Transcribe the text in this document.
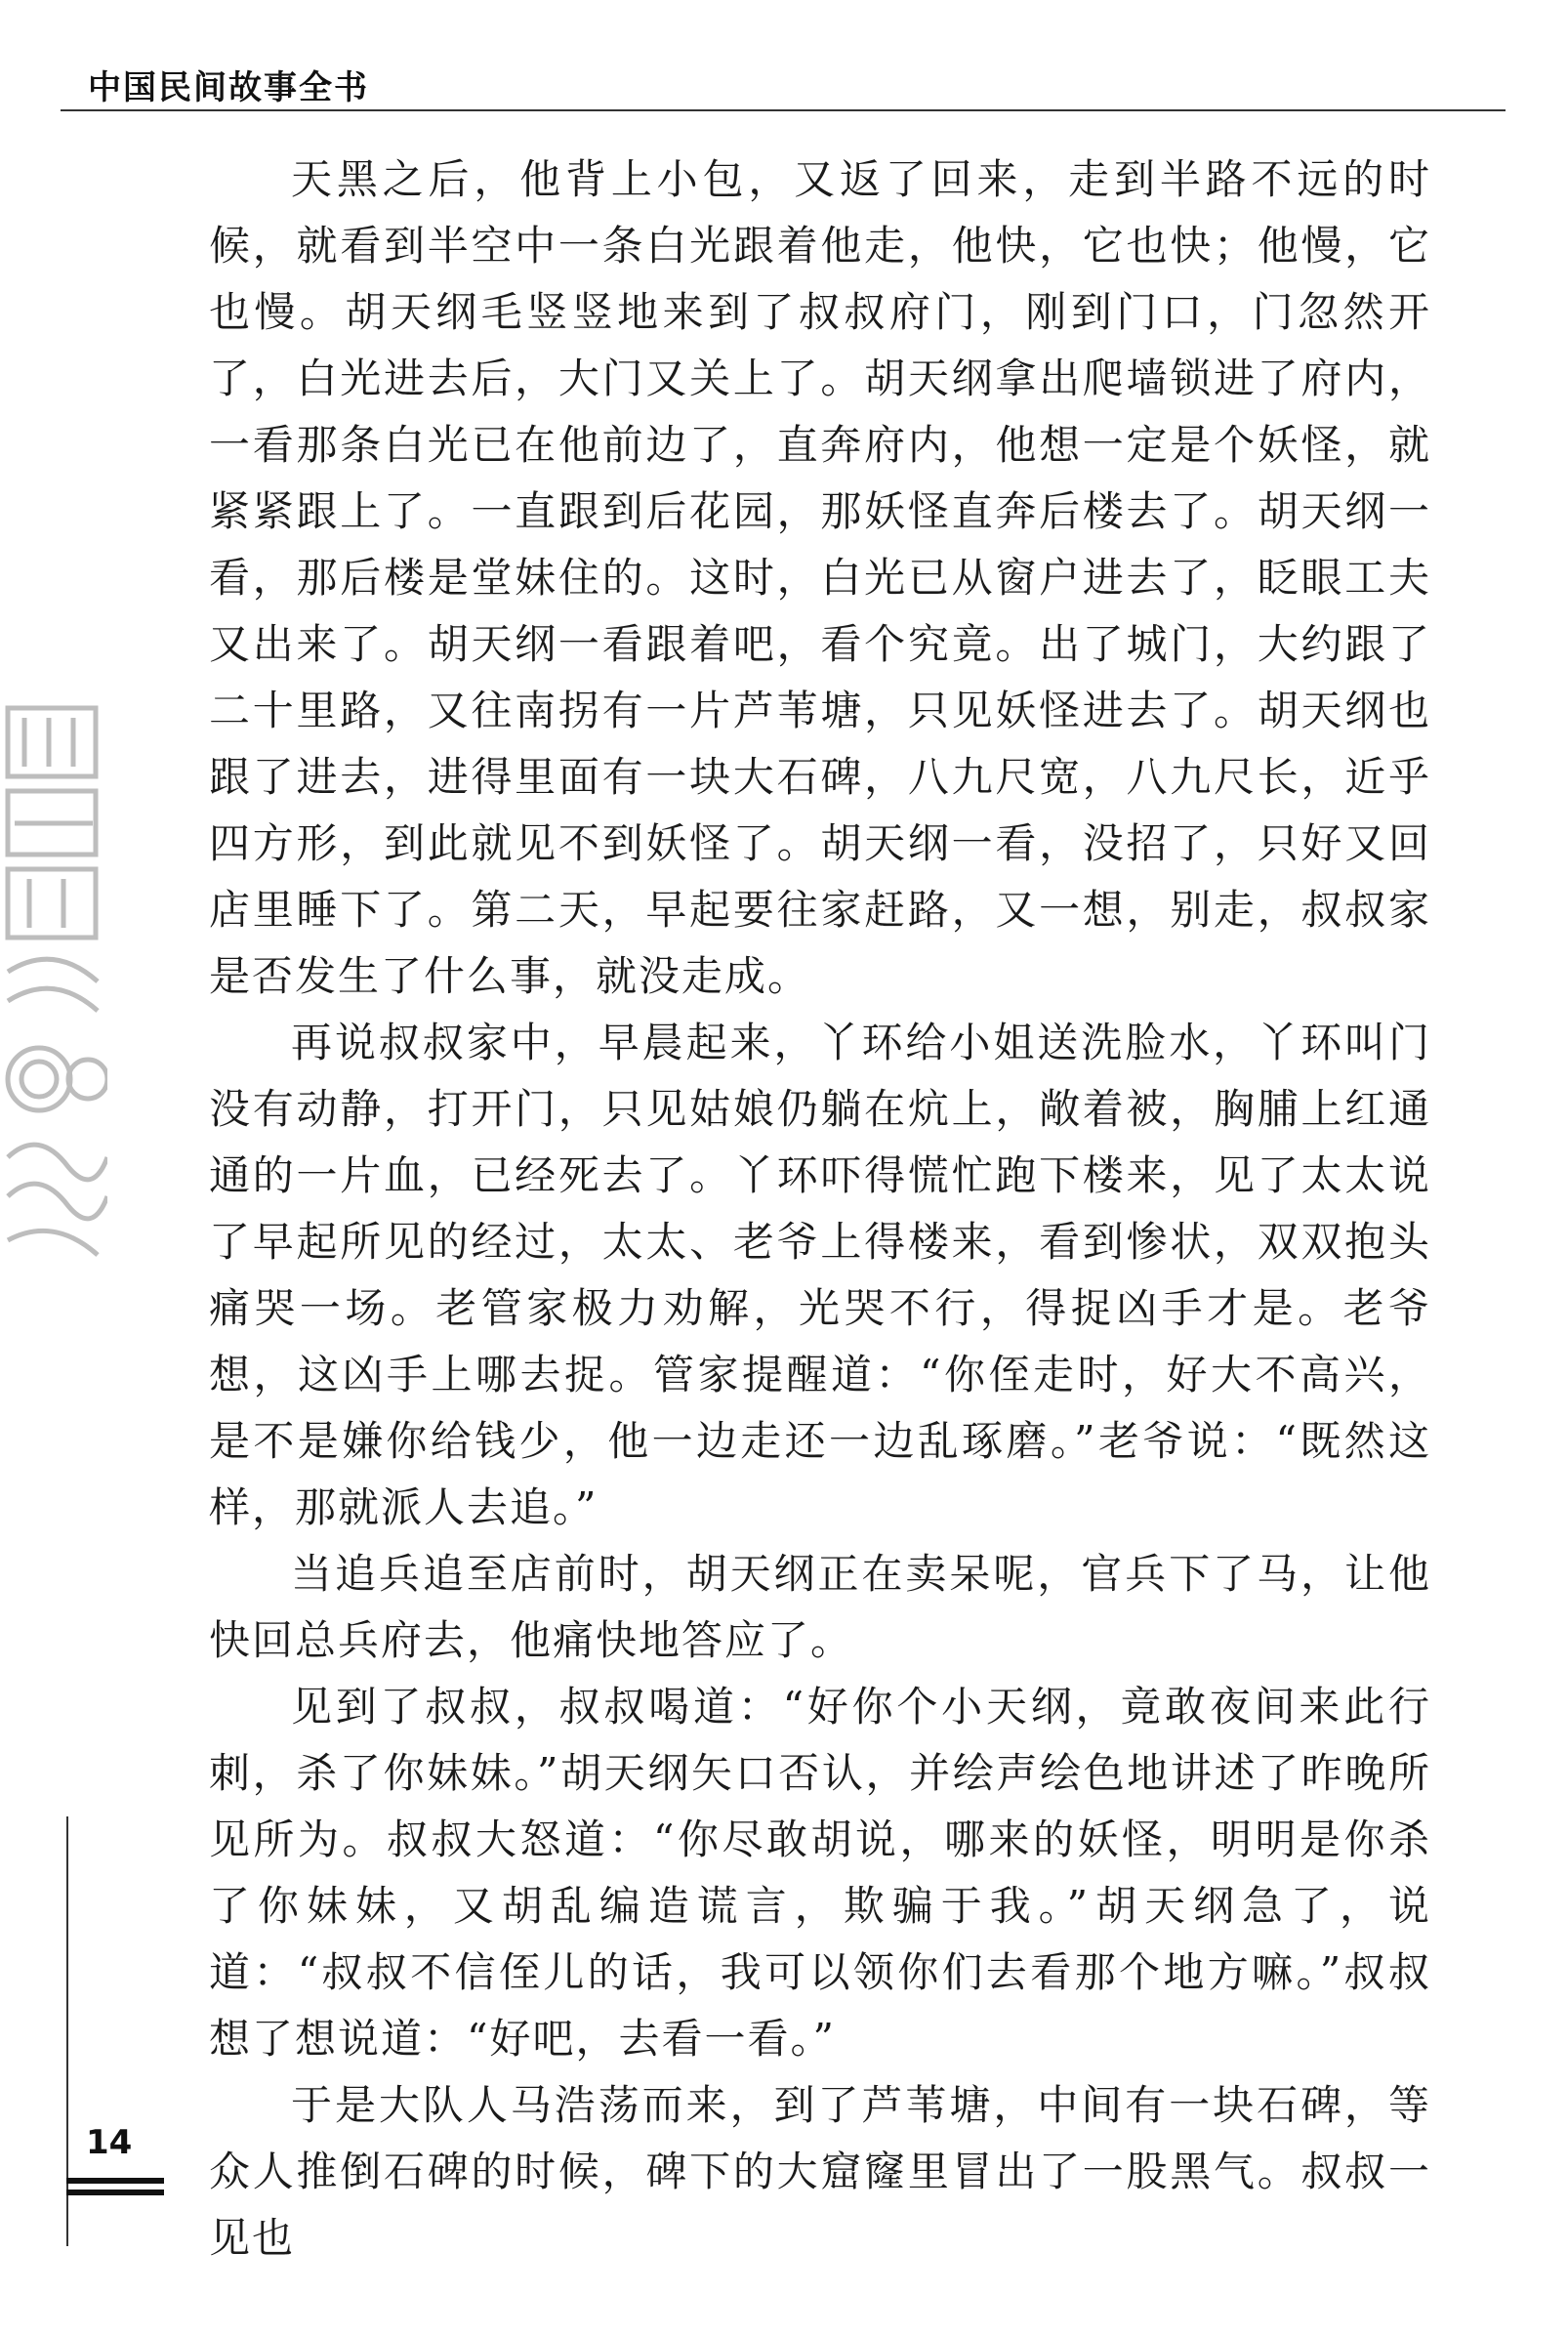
中国民间故事全书

天黑之后，他背上小包，又返了回来，走到半路不远的时候，就看到半空中一条白光跟着他走，他快，它也快；他慢，它也慢。胡天纲毛竖竖地来到了叔叔府门，刚到门口，门忽然开了，白光进去后，大门又关上了。胡天纲拿出爬墙锁进了府内，一看那条白光已在他前边了，直奔府内，他想一定是个妖怪，就紧紧跟上了。一直跟到后花园，那妖怪直奔后楼去了。胡天纲一看，那后楼是堂妹住的。这时，白光已从窗户进去了，眨眼工夫又出来了。胡天纲一看跟着吧，看个究竟。出了城门，大约跟了二十里路，又往南拐有一片芦苇塘，只见妖怪进去了。胡天纲也跟了进去，进得里面有一块大石碑，八九尺宽，八九尺长，近乎四方形，到此就见不到妖怪了。胡天纲一看，没招了，只好又回店里睡下了。第二天，早起要往家赶路，又一想，别走，叔叔家是否发生了什么事，就没走成。

再说叔叔家中，早晨起来，丫环给小姐送洗脸水，丫环叫门没有动静，打开门，只见姑娘仍躺在炕上，敞着被，胸脯上红通通的一片血，已经死去了。丫环吓得慌忙跑下楼来，见了太太说了早起所见的经过，太太、老爷上得楼来，看到惨状，双双抱头痛哭一场。老管家极力劝解，光哭不行，得捉凶手才是。老爷想，这凶手上哪去捉。管家提醒道：“你侄走时，好大不高兴，是不是嫌你给钱少，他一边走还一边乱琢磨。”老爷说：“既然这样，那就派人去追。”

当追兵追至店前时，胡天纲正在卖呆呢，官兵下了马，让他快回总兵府去，他痛快地答应了。

见到了叔叔，叔叔喝道：“好你个小天纲，竟敢夜间来此行刺，杀了你妹妹。”胡天纲矢口否认，并绘声绘色地讲述了昨晚所见所为。叔叔大怒道：“你尽敢胡说，哪来的妖怪，明明是你杀了你妹妹，又胡乱编造谎言，欺骗于我。”胡天纲急了，说道：“叔叔不信侄儿的话，我可以领你们去看那个地方嘛。”叔叔想了想说道：“好吧，去看一看。”

于是大队人马浩荡而来，到了芦苇塘，中间有一块石碑，等众人推倒石碑的时候，碑下的大窟窿里冒出了一股黑气。叔叔一见也

14
